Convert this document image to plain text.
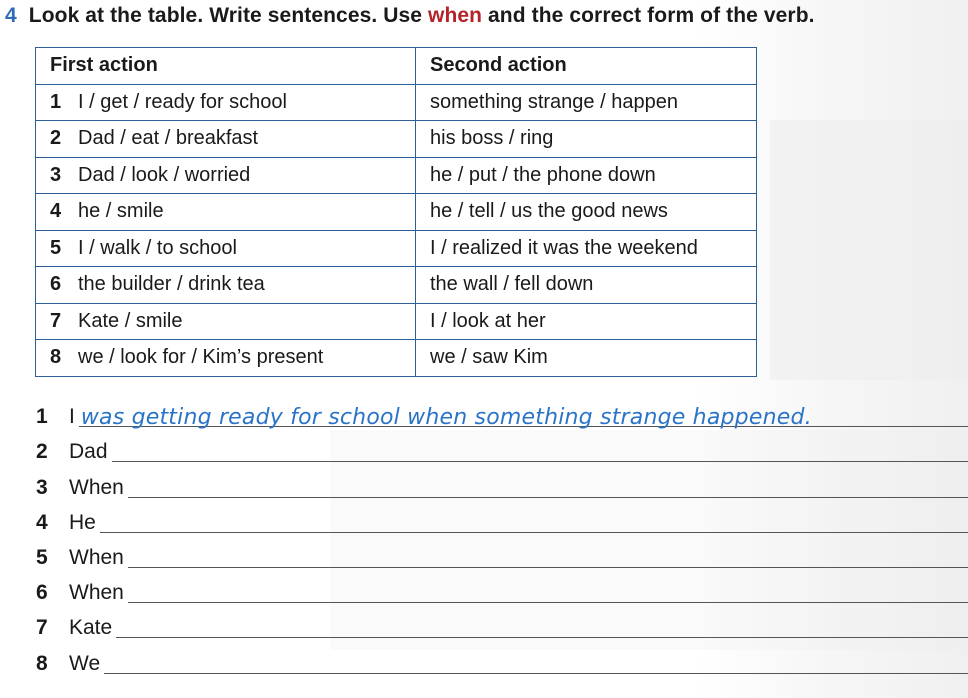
4 Look at the table. Write sentences. Use when and the correct form of the verb.
First action	Second action
1 I / get / ready for school	something strange / happen
2 Dad / eat / breakfast	his boss / ring
3 Dad / look / worried	he / put / the phone down
4 he / smile	he / tell / us the good news
5 I / walk / to school	I / realized it was the weekend
6 the builder / drink tea	the wall / fell down
7 Kate / smile	I / look at her
8 we / look for / Kim’s present	we / saw Kim
1	I was getting ready for school when something strange happened.
2	Dad
3	When
4	He
5	When
6	When
7	Kate
8	We
